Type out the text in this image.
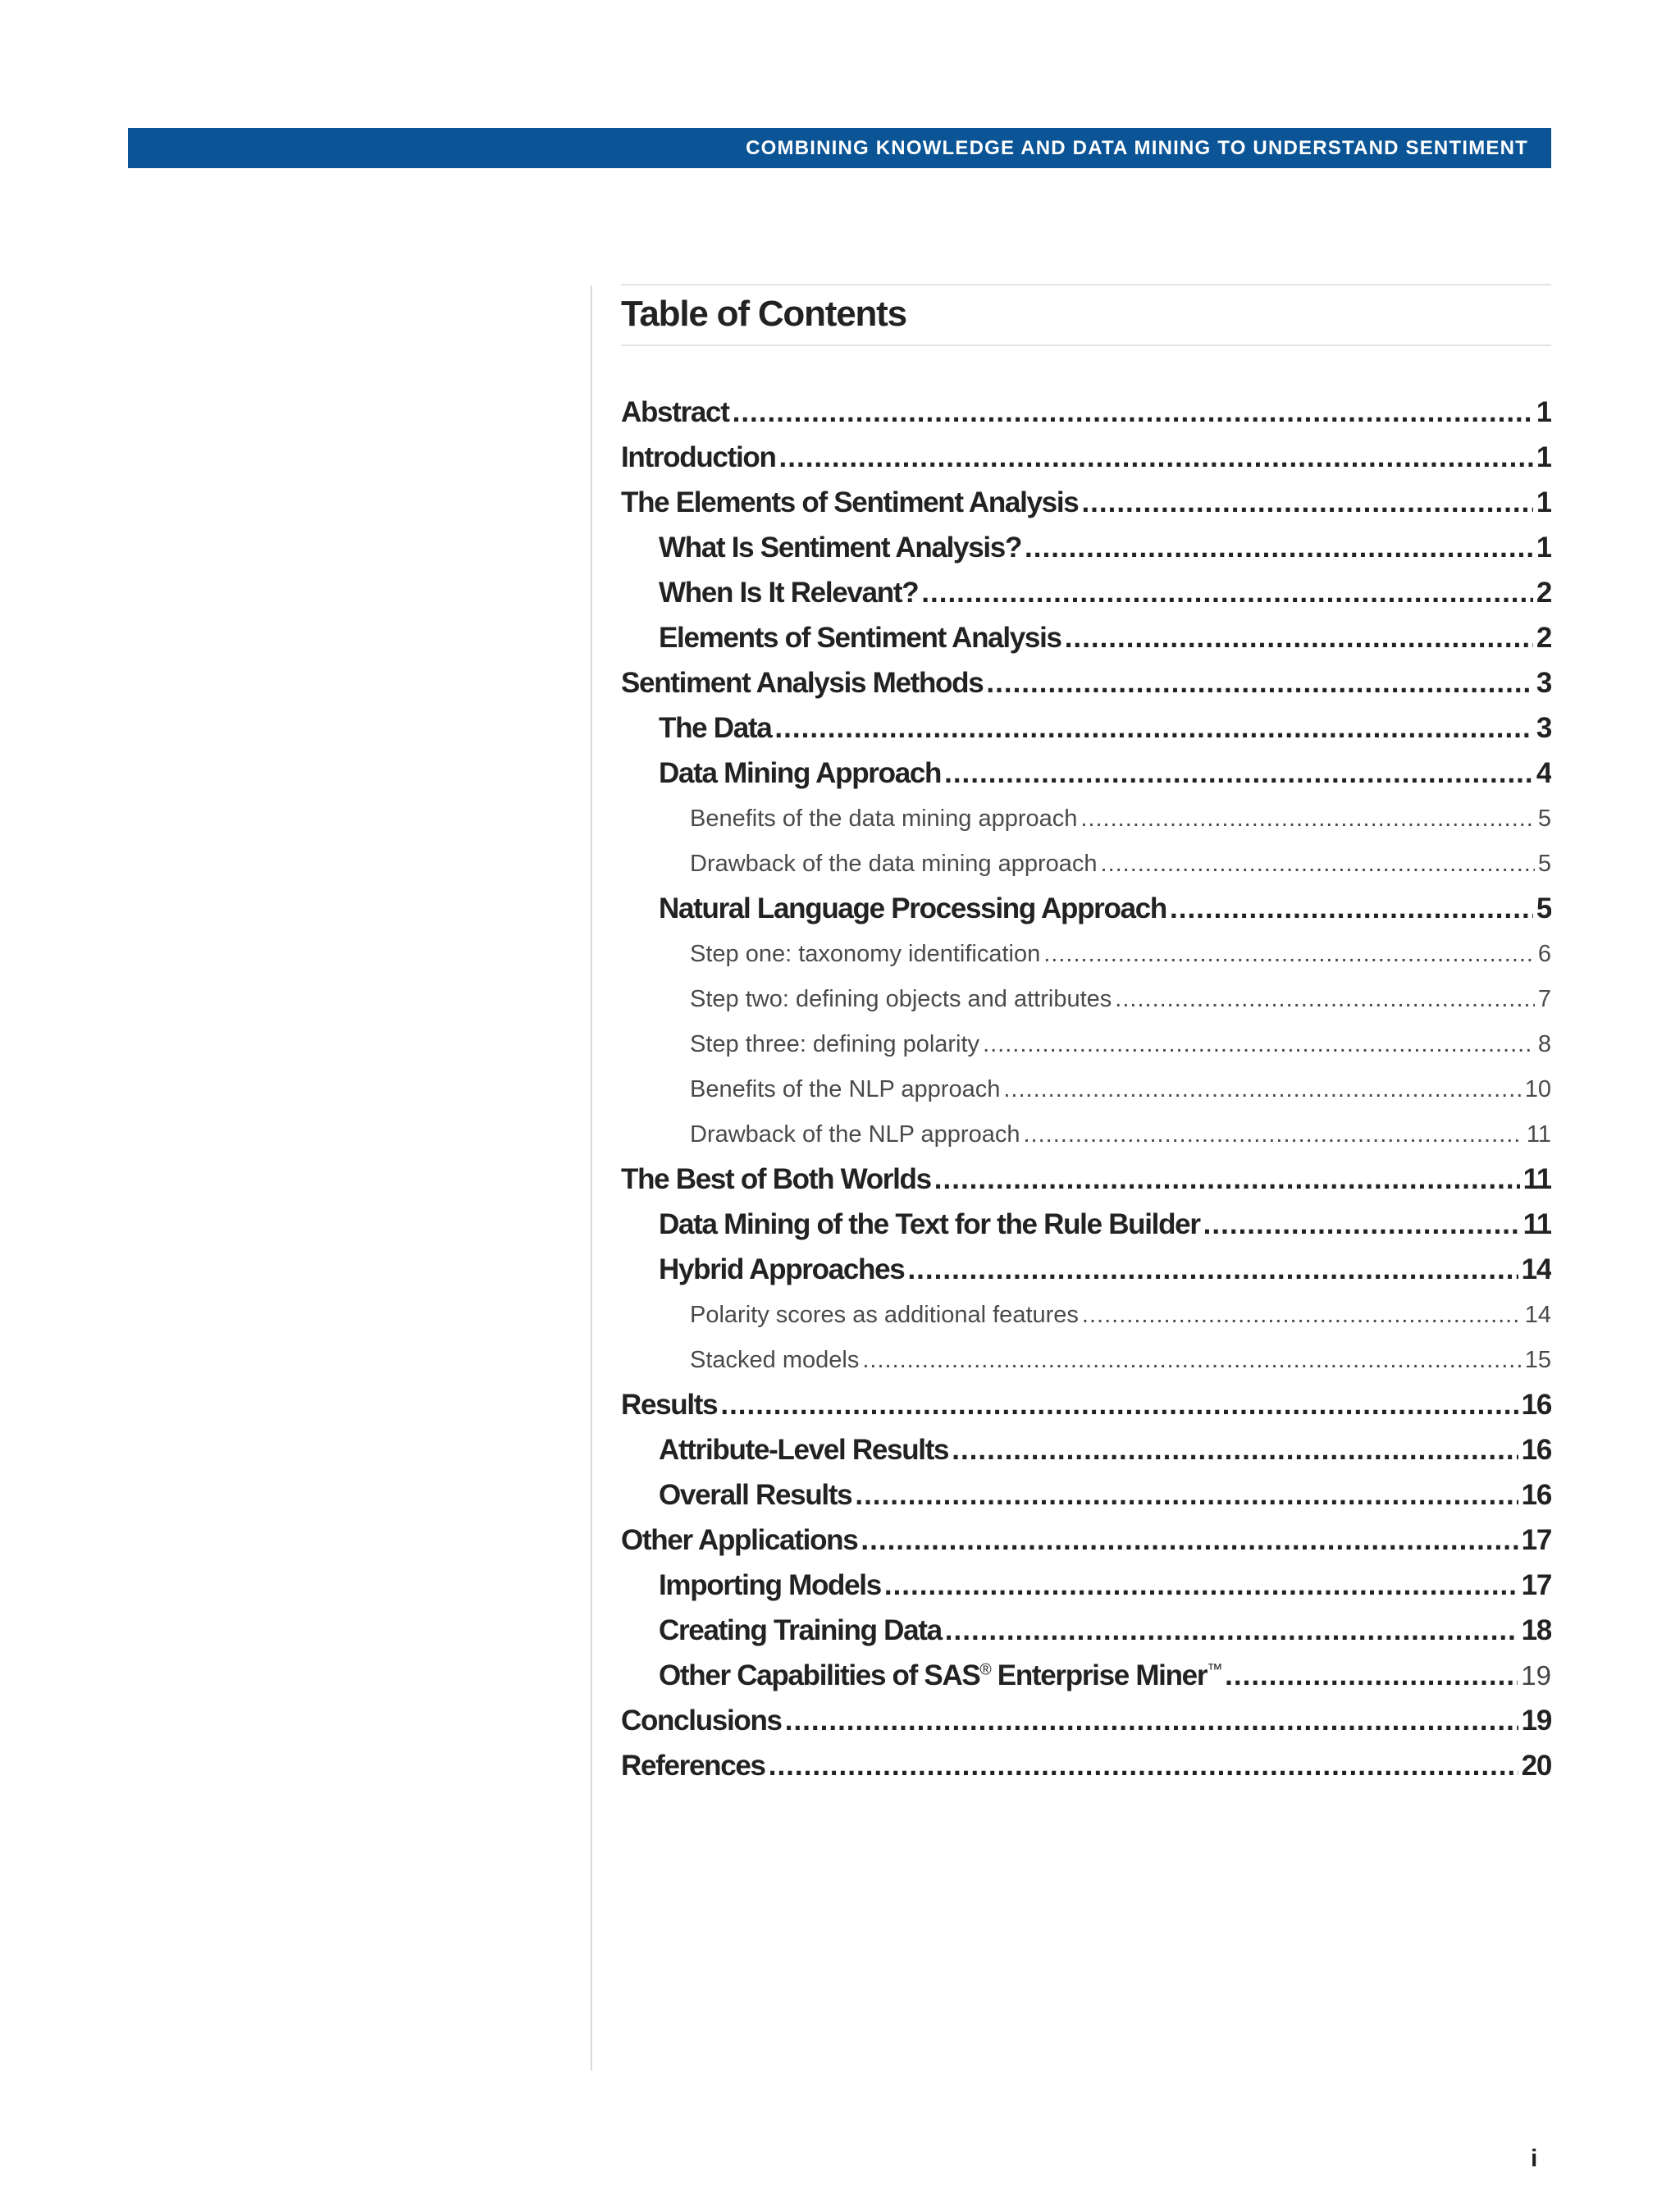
COMBINING KNOWLEDGE AND DATA MINING TO UNDERSTAND SENTIMENT
Table of Contents
Abstract .....	1
Introduction .....	1
The Elements of Sentiment Analysis .....	1
What Is Sentiment Analysis? .....	1
When Is It Relevant? .....	2
Elements of Sentiment Analysis .....	2
Sentiment Analysis Methods .....	3
The Data .....	3
Data Mining Approach .....	4
Benefits of the data mining approach .....	5
Drawback of the data mining approach .....	5
Natural Language Processing Approach .....	5
Step one: taxonomy identification .....	6
Step two: defining objects and attributes .....	7
Step three: defining polarity .....	8
Benefits of the NLP approach .....	10
Drawback of the NLP approach .....	11
The Best of Both Worlds .....	11
Data Mining of the Text for the Rule Builder .....	11
Hybrid Approaches .....	14
Polarity scores as additional features .....	14
Stacked models .....	15
Results .....	16
Attribute-Level Results .....	16
Overall Results .....	16
Other Applications .....	17
Importing Models .....	17
Creating Training Data .....	18
Other Capabilities of SAS® Enterprise Miner™ .....	19
Conclusions .....	19
References .....	20
i
